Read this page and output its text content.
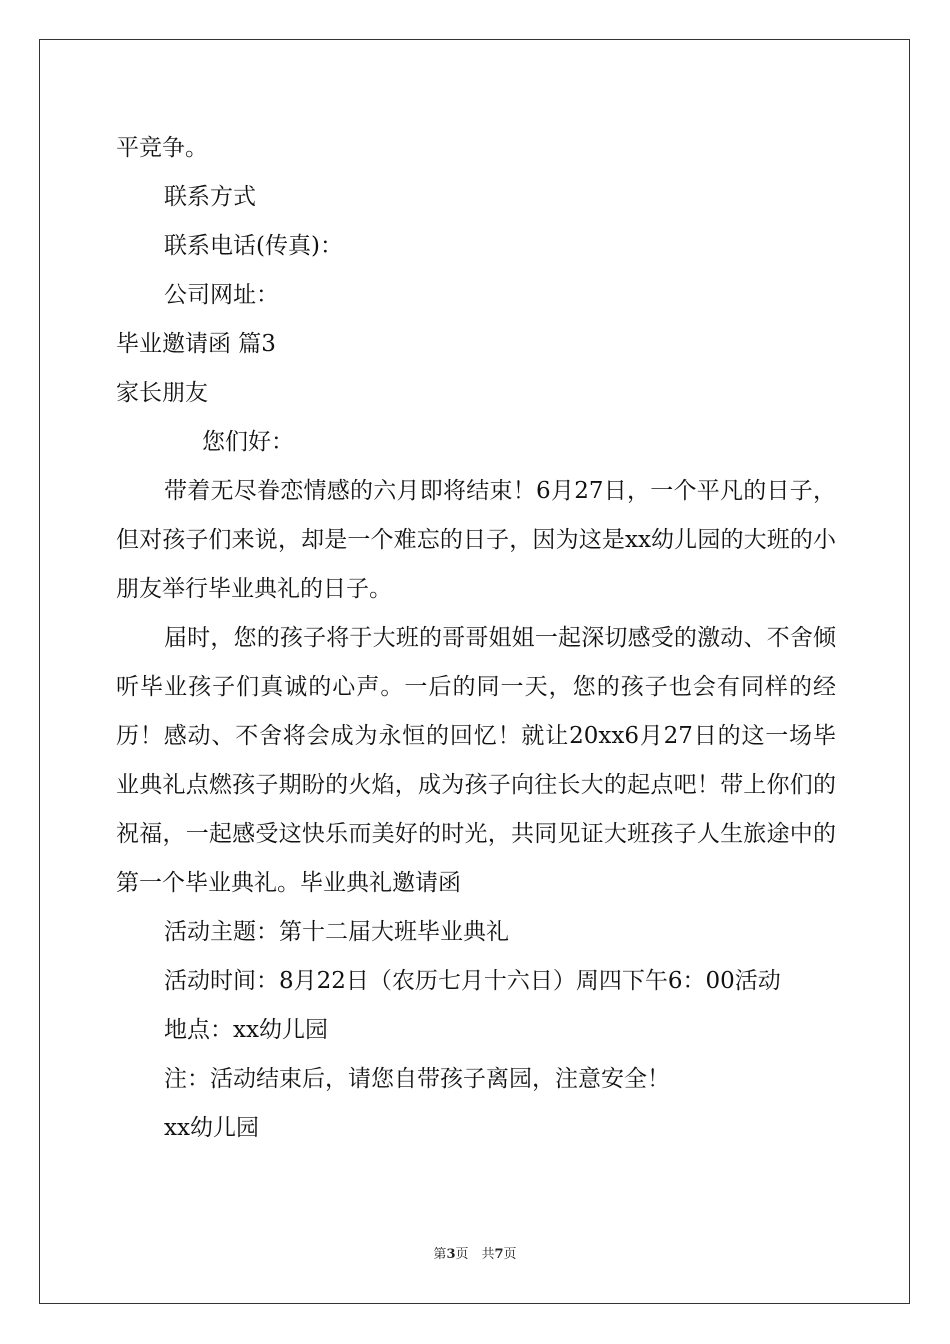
平竞争。

联系方式

联系电话(传真)：

公司网址：

毕业邀请函 篇3

家长朋友

您们好：

带着无尽眷恋情感的六月即将结束！6月27日，一个平凡的日子，但对孩子们来说，却是一个难忘的日子，因为这是xx幼儿园的大班的小朋友举行毕业典礼的日子。

届时，您的孩子将于大班的哥哥姐姐一起深切感受的激动、不舍倾听毕业孩子们真诚的心声。一后的同一天，您的孩子也会有同样的经历！感动、不舍将会成为永恒的回忆！就让20xx6月27日的这一场毕业典礼点燃孩子期盼的火焰，成为孩子向往长大的起点吧！带上你们的祝福，一起感受这快乐而美好的时光，共同见证大班孩子人生旅途中的第一个毕业典礼。毕业典礼邀请函

活动主题：第十二届大班毕业典礼

活动时间：8月22日（农历七月十六日）周四下午6：00活动

地点：xx幼儿园

注：活动结束后，请您自带孩子离园，注意安全！

xx幼儿园

第3页　共7页
